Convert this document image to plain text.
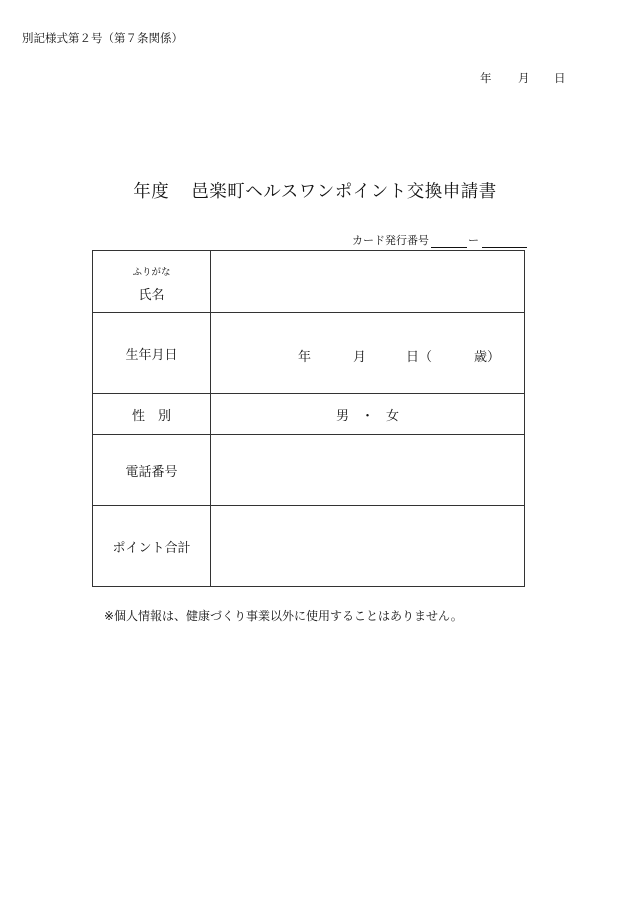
別記様式第２号（第７条関係）
年	月	日
年度 邑楽町ヘルスワンポイント交換申請書
カード発行番号	ー
ふりがな
氏名	

生年月日	年 月 日（ 歳）

性　別	男 ・ 女
電話番号	
ポイント合計	
※個人情報は、健康づくり事業以外に使用することはありません。
